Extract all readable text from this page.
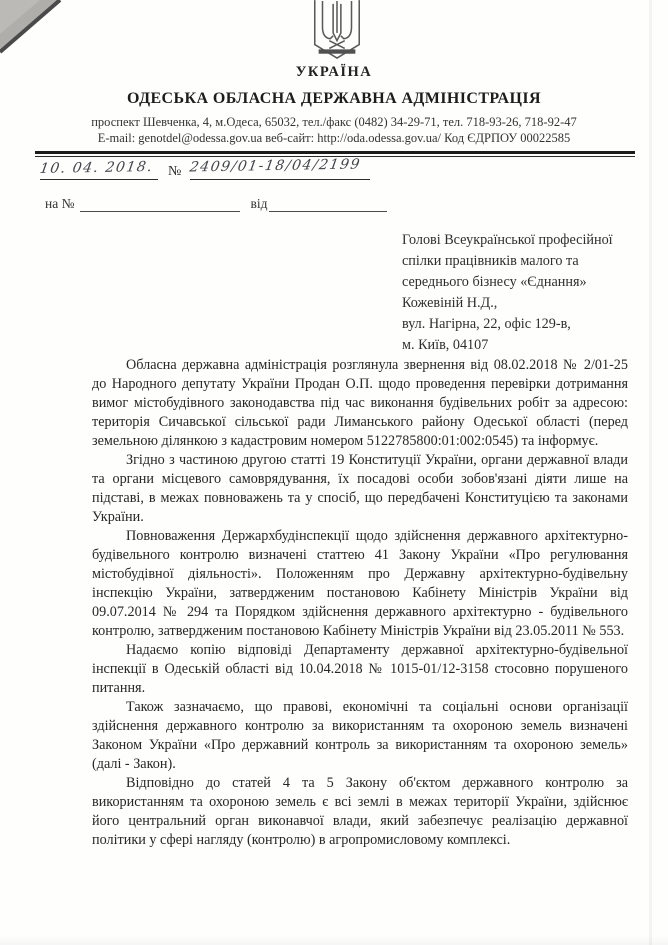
УКРАЇНА
ОДЕСЬКА ОБЛАСНА ДЕРЖАВНА АДМІНІСТРАЦІЯ
проспект Шевченка, 4, м.Одеса, 65032, тел./факс (0482) 34-29-71, тел. 718-93-26, 718-92-47
E-mail: genotdel@odessa.gov.ua веб-сайт: http://oda.odessa.gov.ua/ Код ЄДРПОУ 00022585
10. 04. 2018. № 2409/01-18/04/2199
на №	від
Голові Всеукраїнської професійної
спілки працівників малого та
середнього бізнесу «Єднання»
Кожевіній Н.Д.,
вул. Нагірна, 22, офіс 129-в,
м. Київ, 04107

Обласна державна адміністрація розглянула звернення від 08.02.2018 № 2/01-25 до Народного депутату України Продан О.П. щодо проведення перевірки дотримання вимог містобудівного законодавства під час виконання будівельних робіт за адресою: територія Сичавської сільської ради Лиманського району Одеської області (перед земельною ділянкою з кадастровим номером 5122785800:01:002:0545) та інформує.

Згідно з частиною другою статті 19 Конституції України, органи державної влади та органи місцевого самоврядування, їх посадові особи зобов'язані діяти лише на підставі, в межах повноважень та у спосіб, що передбачені Конституцією та законами України.

Повноваження Держархбудінспекції щодо здійснення державного архітектурно-будівельного контролю визначені статтею 41 Закону України «Про регулювання містобудівної діяльності». Положенням про Державну архітектурно-будівельну інспекцію України, затвердженим постановою Кабінету Міністрів України від 09.07.2014 № 294 та Порядком здійснення державного архітектурно - будівельного контролю, затвердженим постановою Кабінету Міністрів України від 23.05.2011 № 553.

Надаємо копію відповіді Департаменту державної архітектурно-будівельної інспекції в Одеській області від 10.04.2018 № 1015-01/12-3158 стосовно порушеного питання.

Також зазначаємо, що правові, економічні та соціальні основи організації здійснення державного контролю за використанням та охороною земель визначені Законом України «Про державний контроль за використанням та охороною земель» (далі - Закон).

Відповідно до статей 4 та 5 Закону об'єктом державного контролю за використанням та охороною земель є всі землі в межах території України, здійснює його центральний орган виконавчої влади, який забезпечує реалізацію державної політики у сфері нагляду (контролю) в агропромисловому комплексі.
